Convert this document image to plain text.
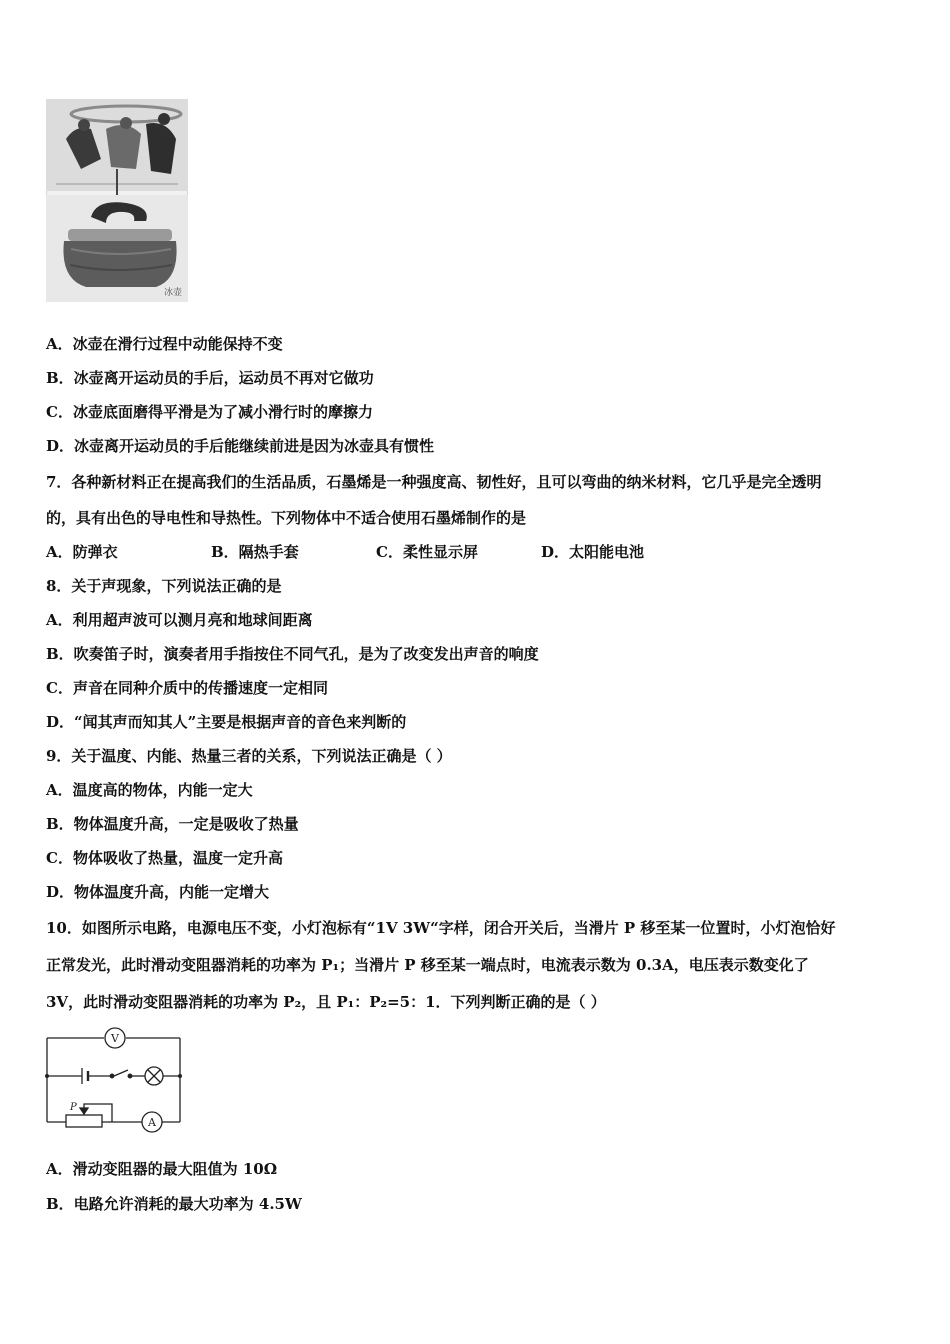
冰壶
A．冰壶在滑行过程中动能保持不变
B．冰壶离开运动员的手后，运动员不再对它做功
C．冰壶底面磨得平滑是为了减小滑行时的摩擦力
D．冰壶离开运动员的手后能继续前进是因为冰壶具有惯性
7．各种新材料正在提高我们的生活品质，石墨烯是一种强度高、韧性好，且可以弯曲的纳米材料，它几乎是完全透明
的，具有出色的导电性和导热性。下列物体中不适合使用石墨烯制作的是
A．防弹衣	B．隔热手套	C．柔性显示屏	D．太阳能电池
8．关于声现象，下列说法正确的是
A．利用超声波可以测月亮和地球间距离
B．吹奏笛子时，演奏者用手指按住不同气孔，是为了改变发出声音的响度
C．声音在同种介质中的传播速度一定相同
D．“闻其声而知其人”主要是根据声音的音色来判断的
9．关于温度、内能、热量三者的关系，下列说法正确是（ ）
A．温度高的物体，内能一定大
B．物体温度升高，一定是吸收了热量
C．物体吸收了热量，温度一定升高
D．物体温度升高，内能一定增大
10．如图所示电路，电源电压不变，小灯泡标有“1V 3W“字样，闭合开关后，当滑片 P 移至某一位置时，小灯泡恰好
正常发光，此时滑动变阻器消耗的功率为 P₁；当滑片 P 移至某一端点时，电流表示数为 0.3A，电压表示数变化了
3V，此时滑动变阻器消耗的功率为 P₂，且 P₁：P₂=5：1．下列判断正确的是（ ）
V
A
P
A．滑动变阻器的最大阻值为 10Ω
B．电路允许消耗的最大功率为 4.5W
